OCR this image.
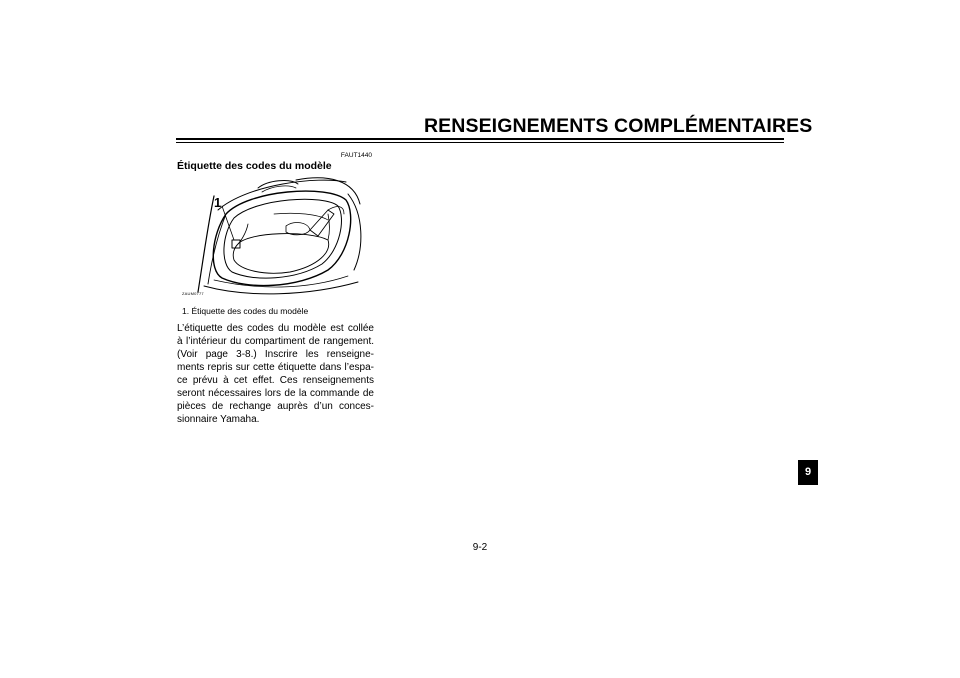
RENSEIGNEMENTS COMPLÉMENTAIRES
FAUT1440
Étiquette des codes du modèle
1
ZAUM0777
1. Étiquette des codes du modèle
L’étiquette des codes du modèle est collée
à l’intérieur du compartiment de rangement.
(Voir page 3-8.) Inscrire les renseigne-
ments repris sur cette étiquette dans l’espa-
ce prévu à cet effet. Ces renseignements
seront nécessaires lors de la commande de
pièces de rechange auprès d’un conces-
sionnaire Yamaha.
9
9-2
